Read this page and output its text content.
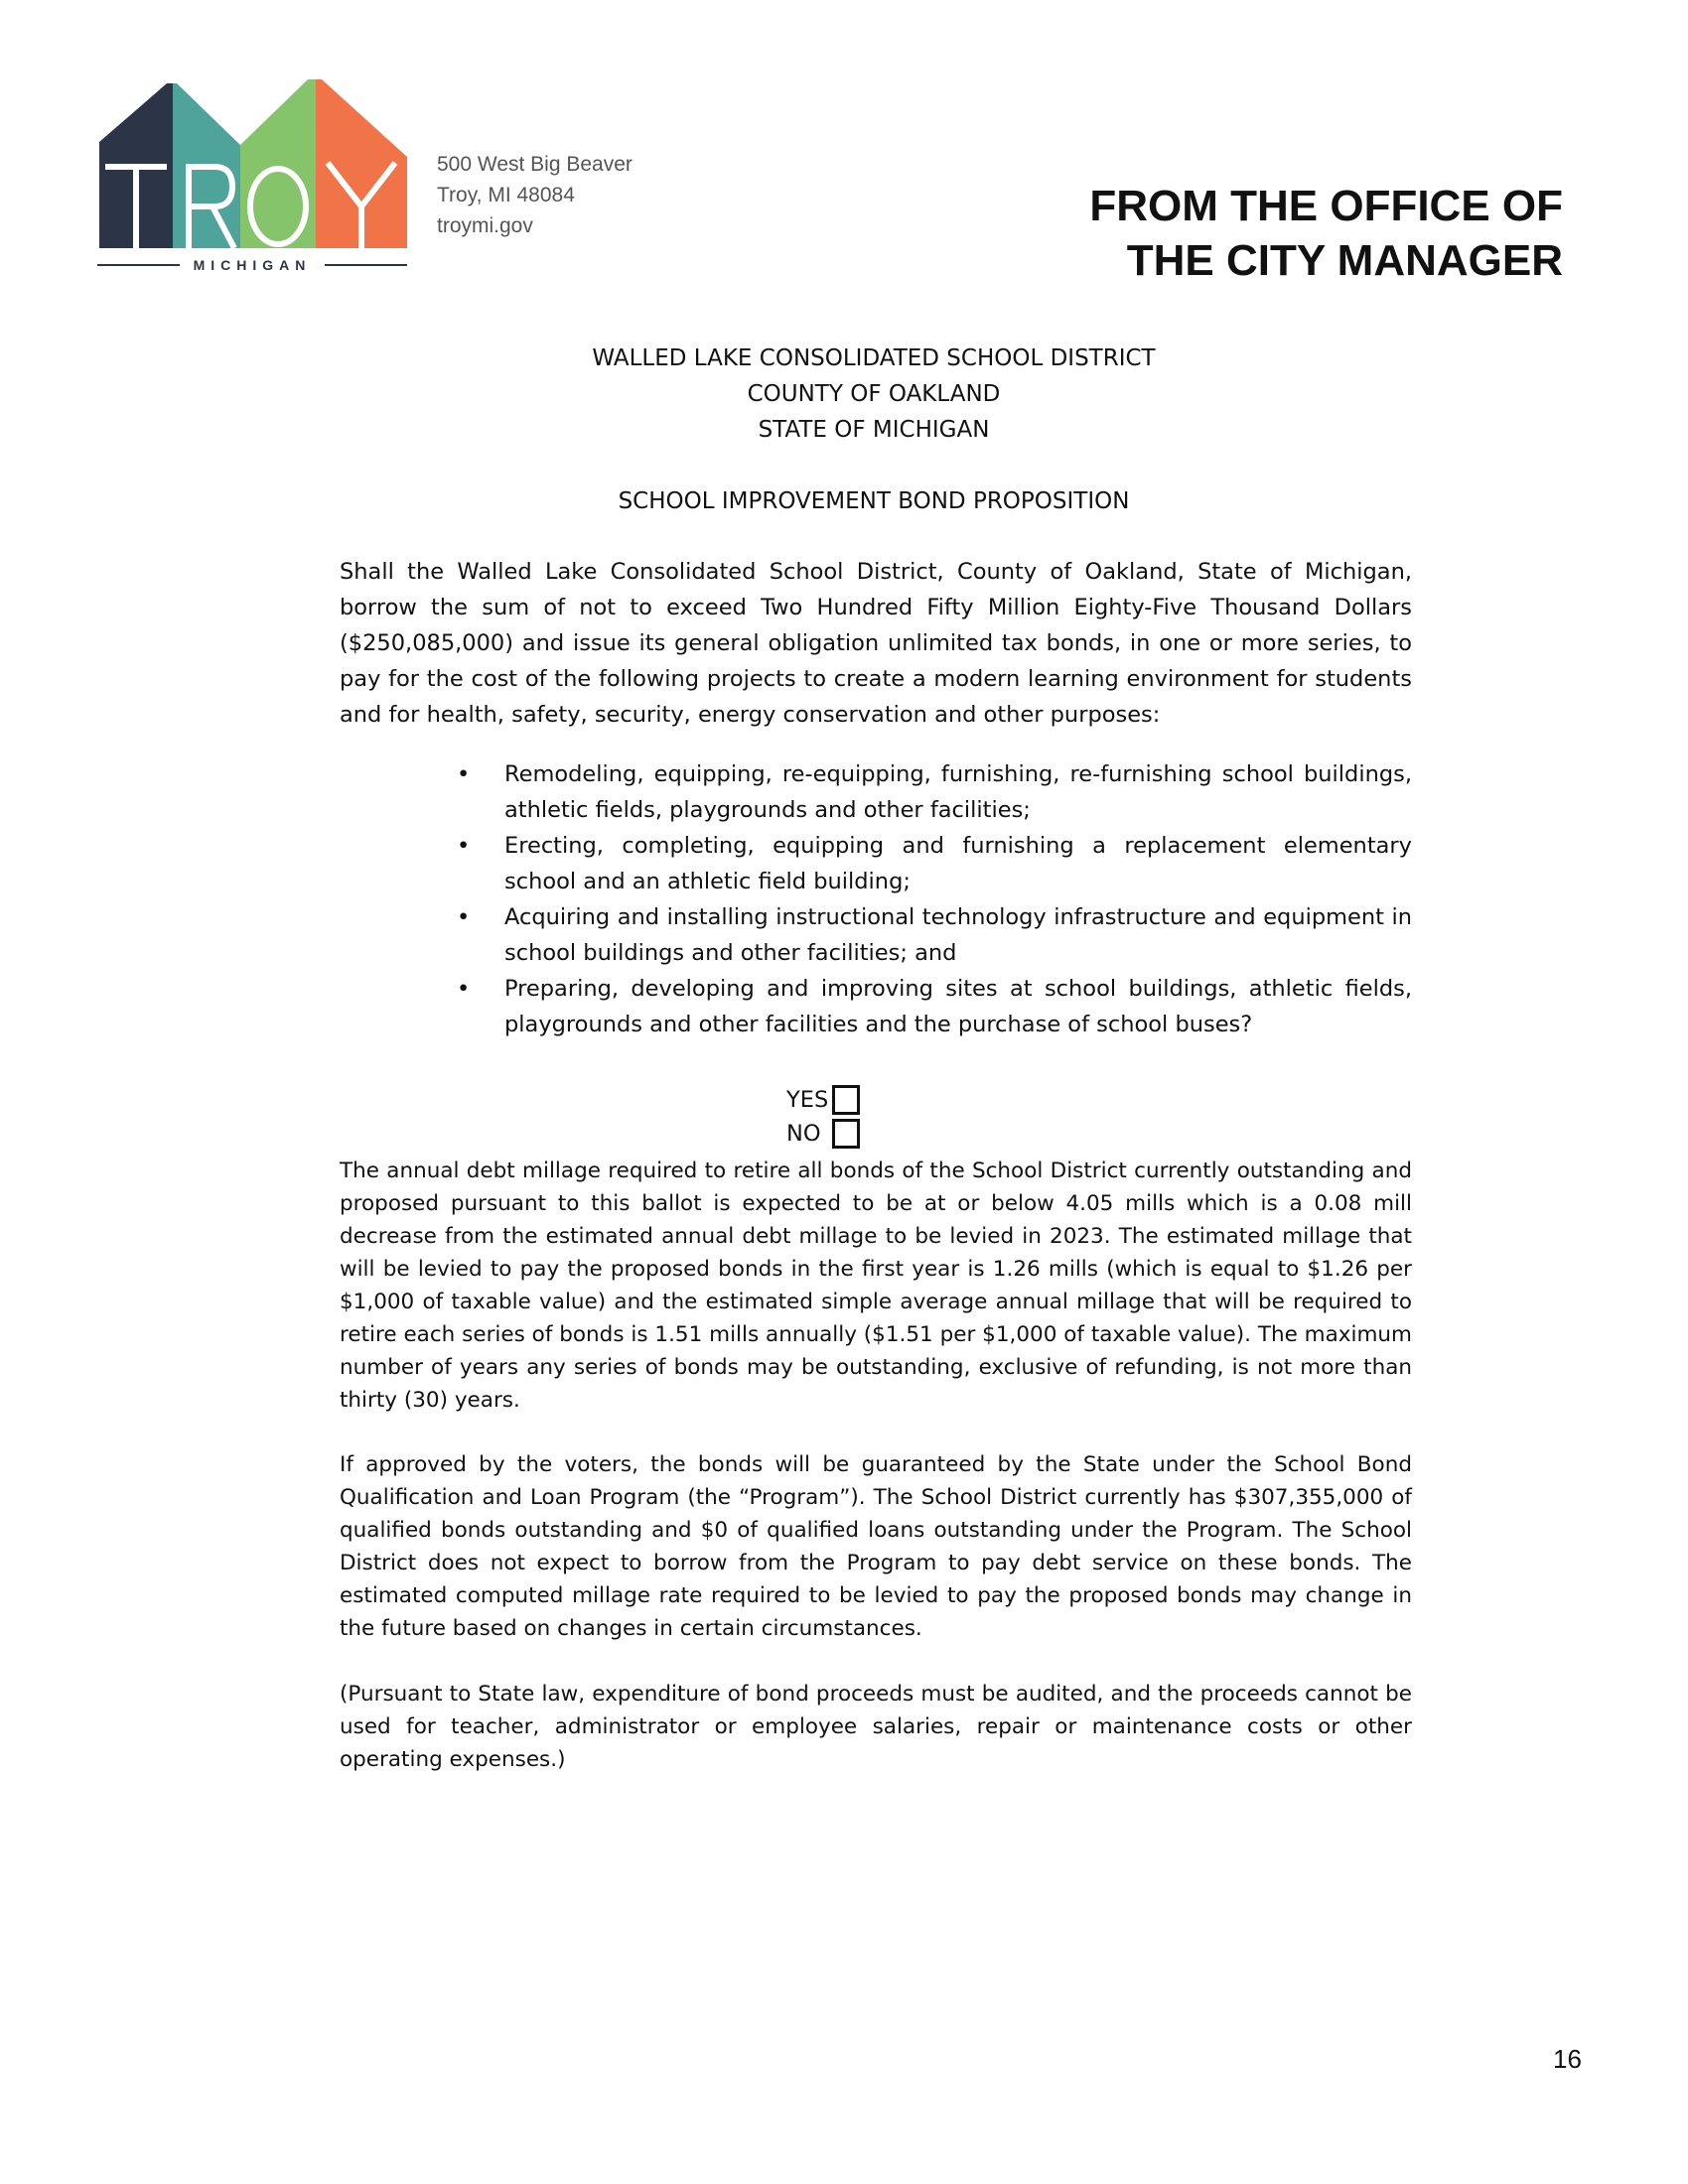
MICHIGAN
500 West Big Beaver
Troy, MI 48084
troymi.gov	FROM THE OFFICE OF
THE CITY MANAGER
WALLED LAKE CONSOLIDATED SCHOOL DISTRICT
COUNTY OF OAKLAND
STATE OF MICHIGAN
SCHOOL IMPROVEMENT BOND PROPOSITION
Shall the Walled Lake Consolidated School District, County of Oakland, State of Michigan, borrow the sum of not to exceed Two Hundred Fifty Million Eighty-Five Thousand Dollars ($250,085,000) and issue its general obligation unlimited tax bonds, in one or more series, to pay for the cost of the following projects to create a modern learning environment for students and for health, safety, security, energy conservation and other purposes:
• Remodeling, equipping, re-equipping, furnishing, re-furnishing school buildings, athletic fields, playgrounds and other facilities;
• Erecting, completing, equipping and furnishing a replacement elementary school and an athletic field building;
• Acquiring and installing instructional technology infrastructure and equipment in school buildings and other facilities; and
• Preparing, developing and improving sites at school buildings, athletic fields, playgrounds and other facilities and the purchase of school buses?
YES
NO
The annual debt millage required to retire all bonds of the School District currently outstanding and proposed pursuant to this ballot is expected to be at or below 4.05 mills which is a 0.08 mill decrease from the estimated annual debt millage to be levied in 2023. The estimated millage that will be levied to pay the proposed bonds in the first year is 1.26 mills (which is equal to $1.26 per $1,000 of taxable value) and the estimated simple average annual millage that will be required to retire each series of bonds is 1.51 mills annually ($1.51 per $1,000 of taxable value). The maximum number of years any series of bonds may be outstanding, exclusive of refunding, is not more than thirty (30) years.
If approved by the voters, the bonds will be guaranteed by the State under the School Bond Qualification and Loan Program (the “Program”). The School District currently has $307,355,000 of qualified bonds outstanding and $0 of qualified loans outstanding under the Program. The School District does not expect to borrow from the Program to pay debt service on these bonds. The estimated computed millage rate required to be levied to pay the proposed bonds may change in the future based on changes in certain circumstances.
(Pursuant to State law, expenditure of bond proceeds must be audited, and the proceeds cannot be used for teacher, administrator or employee salaries, repair or maintenance costs or other operating expenses.)
16
